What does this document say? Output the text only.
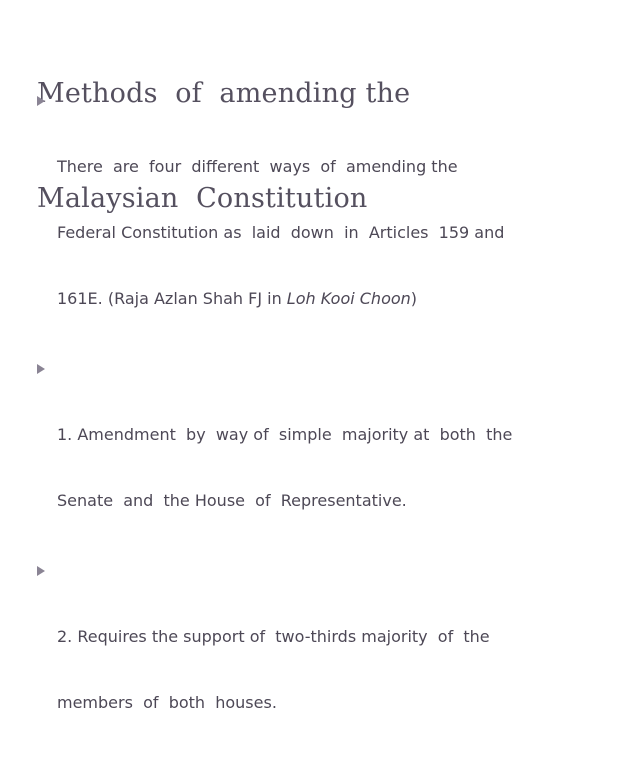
Methods  of  amending the

Malaysian  Constitution

There  are  four  different  ways  of  amending the

Federal Constitution as  laid  down  in  Articles  159 and

161E. (Raja Azlan Shah FJ in Loh Kooi Choon)

1. Amendment  by  way of  simple  majority at  both  the

Senate  and  the House  of  Representative.

2. Requires the support of  two-thirds majority  of  the

members  of  both  houses.
